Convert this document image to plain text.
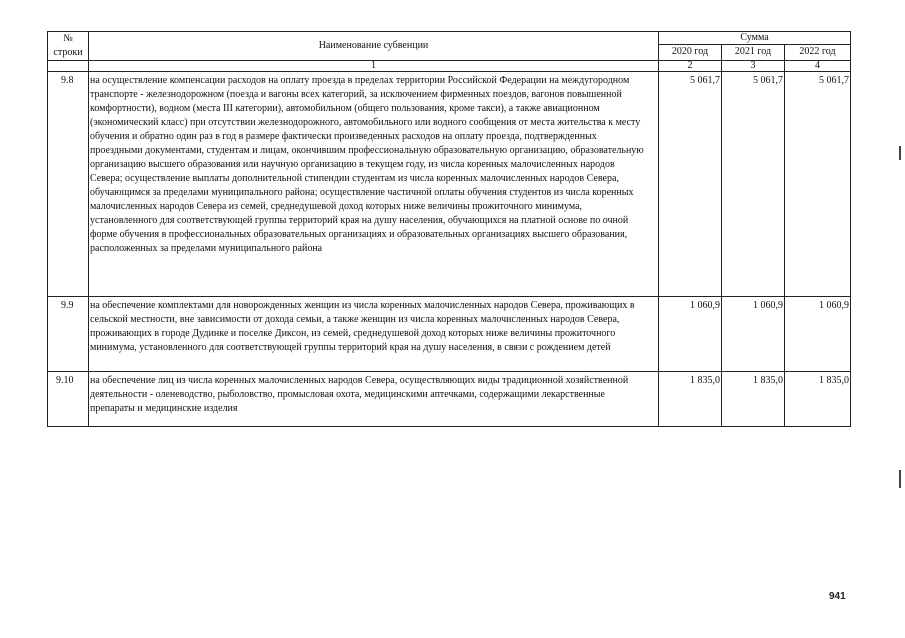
№
строки	Наименование субвенции	Сумма		
		2020 год	2021 год	2022 год
	1	2	3	4
9.8	на осуществление компенсации расходов на оплату проезда в пределах территории Российской Федерации на междугородном транспорте - железнодорожном (поезда и вагоны всех категорий, за исключением фирменных поездов, вагонов повышенной комфортности), водном (места III категории), автомобильном (общего пользования, кроме такси), а также авиационном (экономический класс) при отсутствии железнодорожного, автомобильного или водного сообщения от места жительства к месту обучения и обратно один раз в год в размере фактически произведенных расходов на оплату проезда, подтвержденных проездными документами, студентам и лицам, окончившим профессиональную образовательную организацию, образовательную организацию высшего образования или научную организацию в текущем году, из числа коренных малочисленных народов Севера; осуществление выплаты дополнительной стипендии студентам из числа коренных малочисленных народов Севера, обучающимся за пределами муниципального района; осуществление частичной оплаты обучения студентов из числа коренных малочисленных народов Севера из семей, среднедушевой доход которых ниже величины прожиточного минимума, установленного для соответствующей группы территорий края на душу населения, обучающихся на платной основе по очной форме обучения в профессиональных образовательных организациях и образовательных организациях высшего образования, расположенных за пределами муниципального района	5 061,7	5 061,7	5 061,7
9.9	на обеспечение комплектами для новорожденных женщин из числа коренных малочисленных народов Севера, проживающих в сельской местности, вне зависимости от дохода семьи, а также женщин из числа коренных малочисленных народов Севера, проживающих в городе Дудинке и поселке Диксон, из семей, среднедушевой доход которых ниже величины прожиточного минимума, установленного для соответствующей группы территорий края на душу населения, в связи с рождением детей	1 060,9	1 060,9	1 060,9
9.10	на обеспечение лиц из числа коренных малочисленных народов Севера, осуществляющих виды традиционной хозяйственной деятельности - оленеводство, рыболовство, промысловая охота, медицинскими аптечками, содержащими лекарственные препараты и медицинские изделия	1 835,0	1 835,0	1 835,0
941
